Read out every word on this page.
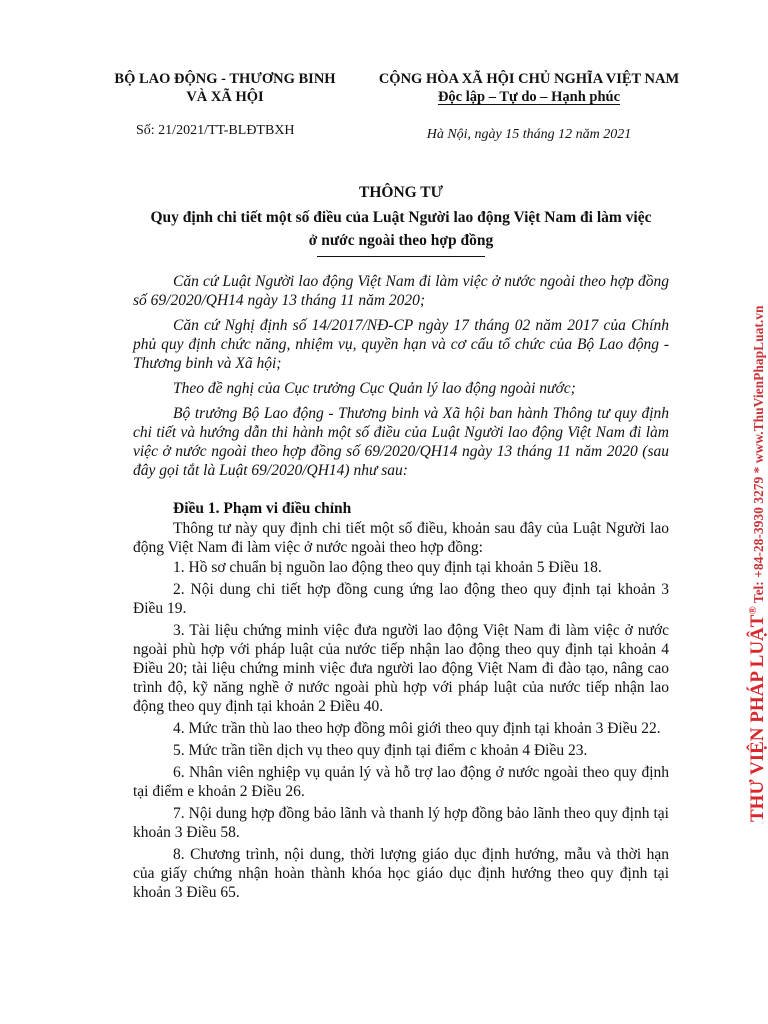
BỘ LAO ĐỘNG - THƯƠNG BINH
VÀ XÃ HỘI
CỘNG HÒA XÃ HỘI CHỦ NGHĨA VIỆT NAM
Độc lập – Tự do – Hạnh phúc
Số: 21/2021/TT-BLĐTBXH	Hà Nội, ngày 15 tháng 12 năm 2021
THÔNG TƯ
Quy định chi tiết một số điều của Luật Người lao động Việt Nam đi làm việc
ở nước ngoài theo hợp đồng

Căn cứ Luật Người lao động Việt Nam đi làm việc ở nước ngoài theo hợp đồng số 69/2020/QH14 ngày 13 tháng 11 năm 2020;

Căn cứ Nghị định số 14/2017/NĐ-CP ngày 17 tháng 02 năm 2017 của Chính phủ quy định chức năng, nhiệm vụ, quyền hạn và cơ cấu tổ chức của Bộ Lao động - Thương binh và Xã hội;

Theo đề nghị của Cục trưởng Cục Quản lý lao động ngoài nước;

Bộ trưởng Bộ Lao động - Thương binh và Xã hội ban hành Thông tư quy định chi tiết và hướng dẫn thi hành một số điều của Luật Người lao động Việt Nam đi làm việc ở nước ngoài theo hợp đồng số 69/2020/QH14 ngày 13 tháng 11 năm 2020 (sau đây gọi tắt là Luật 69/2020/QH14) như sau:

Điều 1. Phạm vi điều chỉnh

Thông tư này quy định chi tiết một số điều, khoản sau đây của Luật Người lao động Việt Nam đi làm việc ở nước ngoài theo hợp đồng:

1. Hồ sơ chuẩn bị nguồn lao động theo quy định tại khoản 5 Điều 18.

2. Nội dung chi tiết hợp đồng cung ứng lao động theo quy định tại khoản 3 Điều 19.

3. Tài liệu chứng minh việc đưa người lao động Việt Nam đi làm việc ở nước ngoài phù hợp với pháp luật của nước tiếp nhận lao động theo quy định tại khoản 4 Điều 20; tài liệu chứng minh việc đưa người lao động Việt Nam đi đào tạo, nâng cao trình độ, kỹ năng nghề ở nước ngoài phù hợp với pháp luật của nước tiếp nhận lao động theo quy định tại khoản 2 Điều 40.

4. Mức trần thù lao theo hợp đồng môi giới theo quy định tại khoản 3 Điều 22.

5. Mức trần tiền dịch vụ theo quy định tại điểm c khoản 4 Điều 23.

6. Nhân viên nghiệp vụ quản lý và hỗ trợ lao động ở nước ngoài theo quy định tại điểm e khoản 2 Điều 26.

7. Nội dung hợp đồng bảo lãnh và thanh lý hợp đồng bảo lãnh theo quy định tại khoản 3 Điều 58.

8. Chương trình, nội dung, thời lượng giáo dục định hướng, mẫu và thời hạn của giấy chứng nhận hoàn thành khóa học giáo dục định hướng theo quy định tại khoản 3 Điều 65.

THƯ VIỆN PHÁP LUẬT® $_{Tel: +84-28-3930 3279 * www.ThuVienPhapLuat.vn}$
